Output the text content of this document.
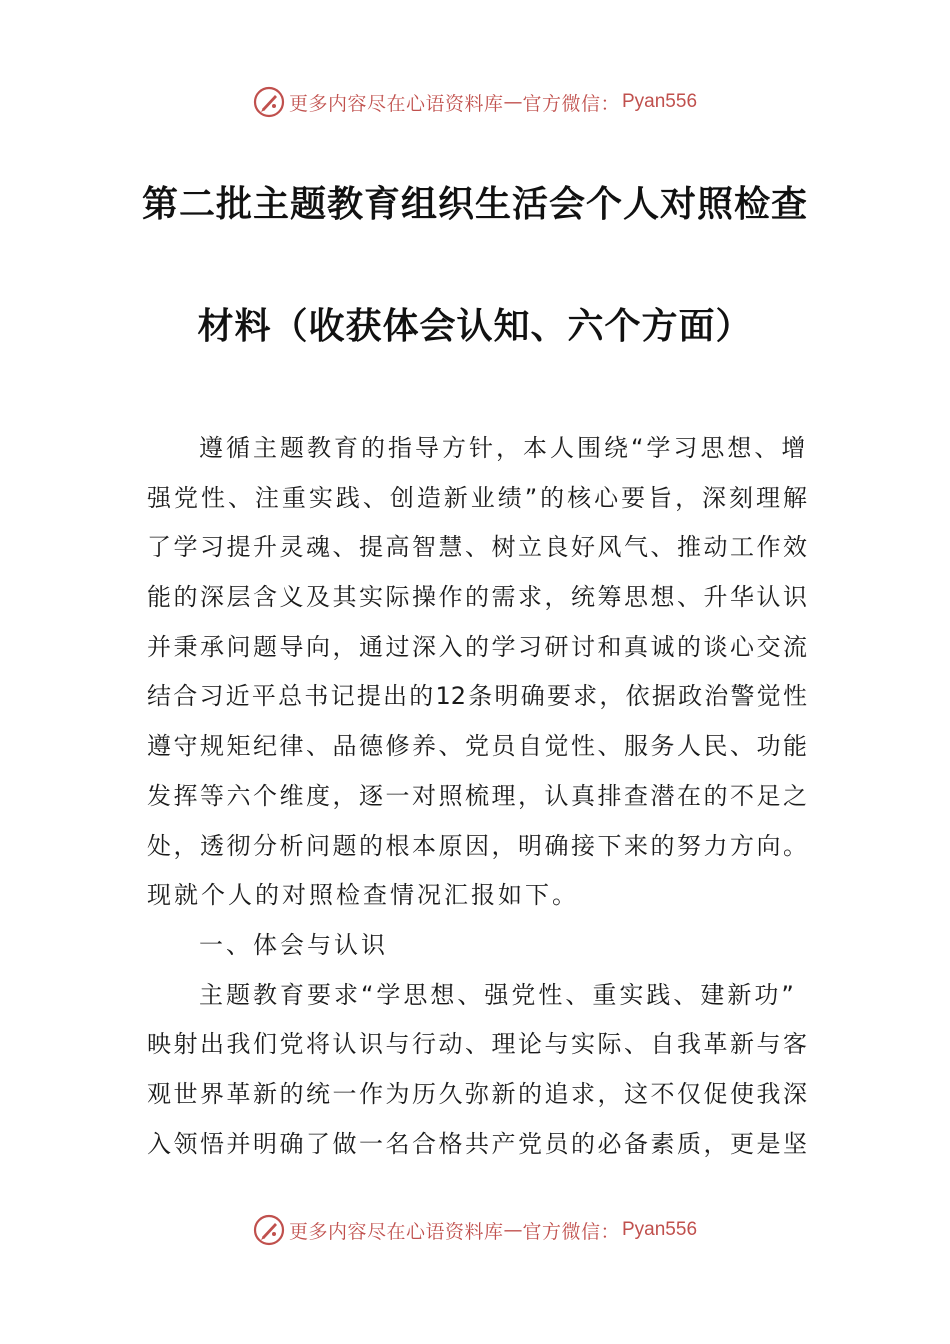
更多内容尽在心语资料库 — 官方微信： Pyan556
第二批主题教育组织生活会个人对照检查
材料（收获体会认知、六个方面）
遵循主题教育的指导方针，本人围绕“学习思想、增
强党性、注重实践、创造新业绩”的核心要旨，深刻理解
了学习提升灵魂、提高智慧、树立良好风气、推动工作效
能的深层含义及其实际操作的需求，统筹思想、升华认识
并秉承问题导向，通过深入的学习研讨和真诚的谈心交流
结合习近平总书记提出的12条明确要求，依据政治警觉性
遵守规矩纪律、品德修养、党员自觉性、服务人民、功能
发挥等六个维度，逐一对照梳理，认真排查潜在的不足之
处，透彻分析问题的根本原因，明确接下来的努力方向。
现就个人的对照检查情况汇报如下。
一、体会与认识
主题教育要求“学思想、强党性、重实践、建新功”
映射出我们党将认识与行动、理论与实际、自我革新与客
观世界革新的统一作为历久弥新的追求，这不仅促使我深
入领悟并明确了做一名合格共产党员的必备素质，更是坚
更多内容尽在心语资料库 — 官方微信： Pyan556
